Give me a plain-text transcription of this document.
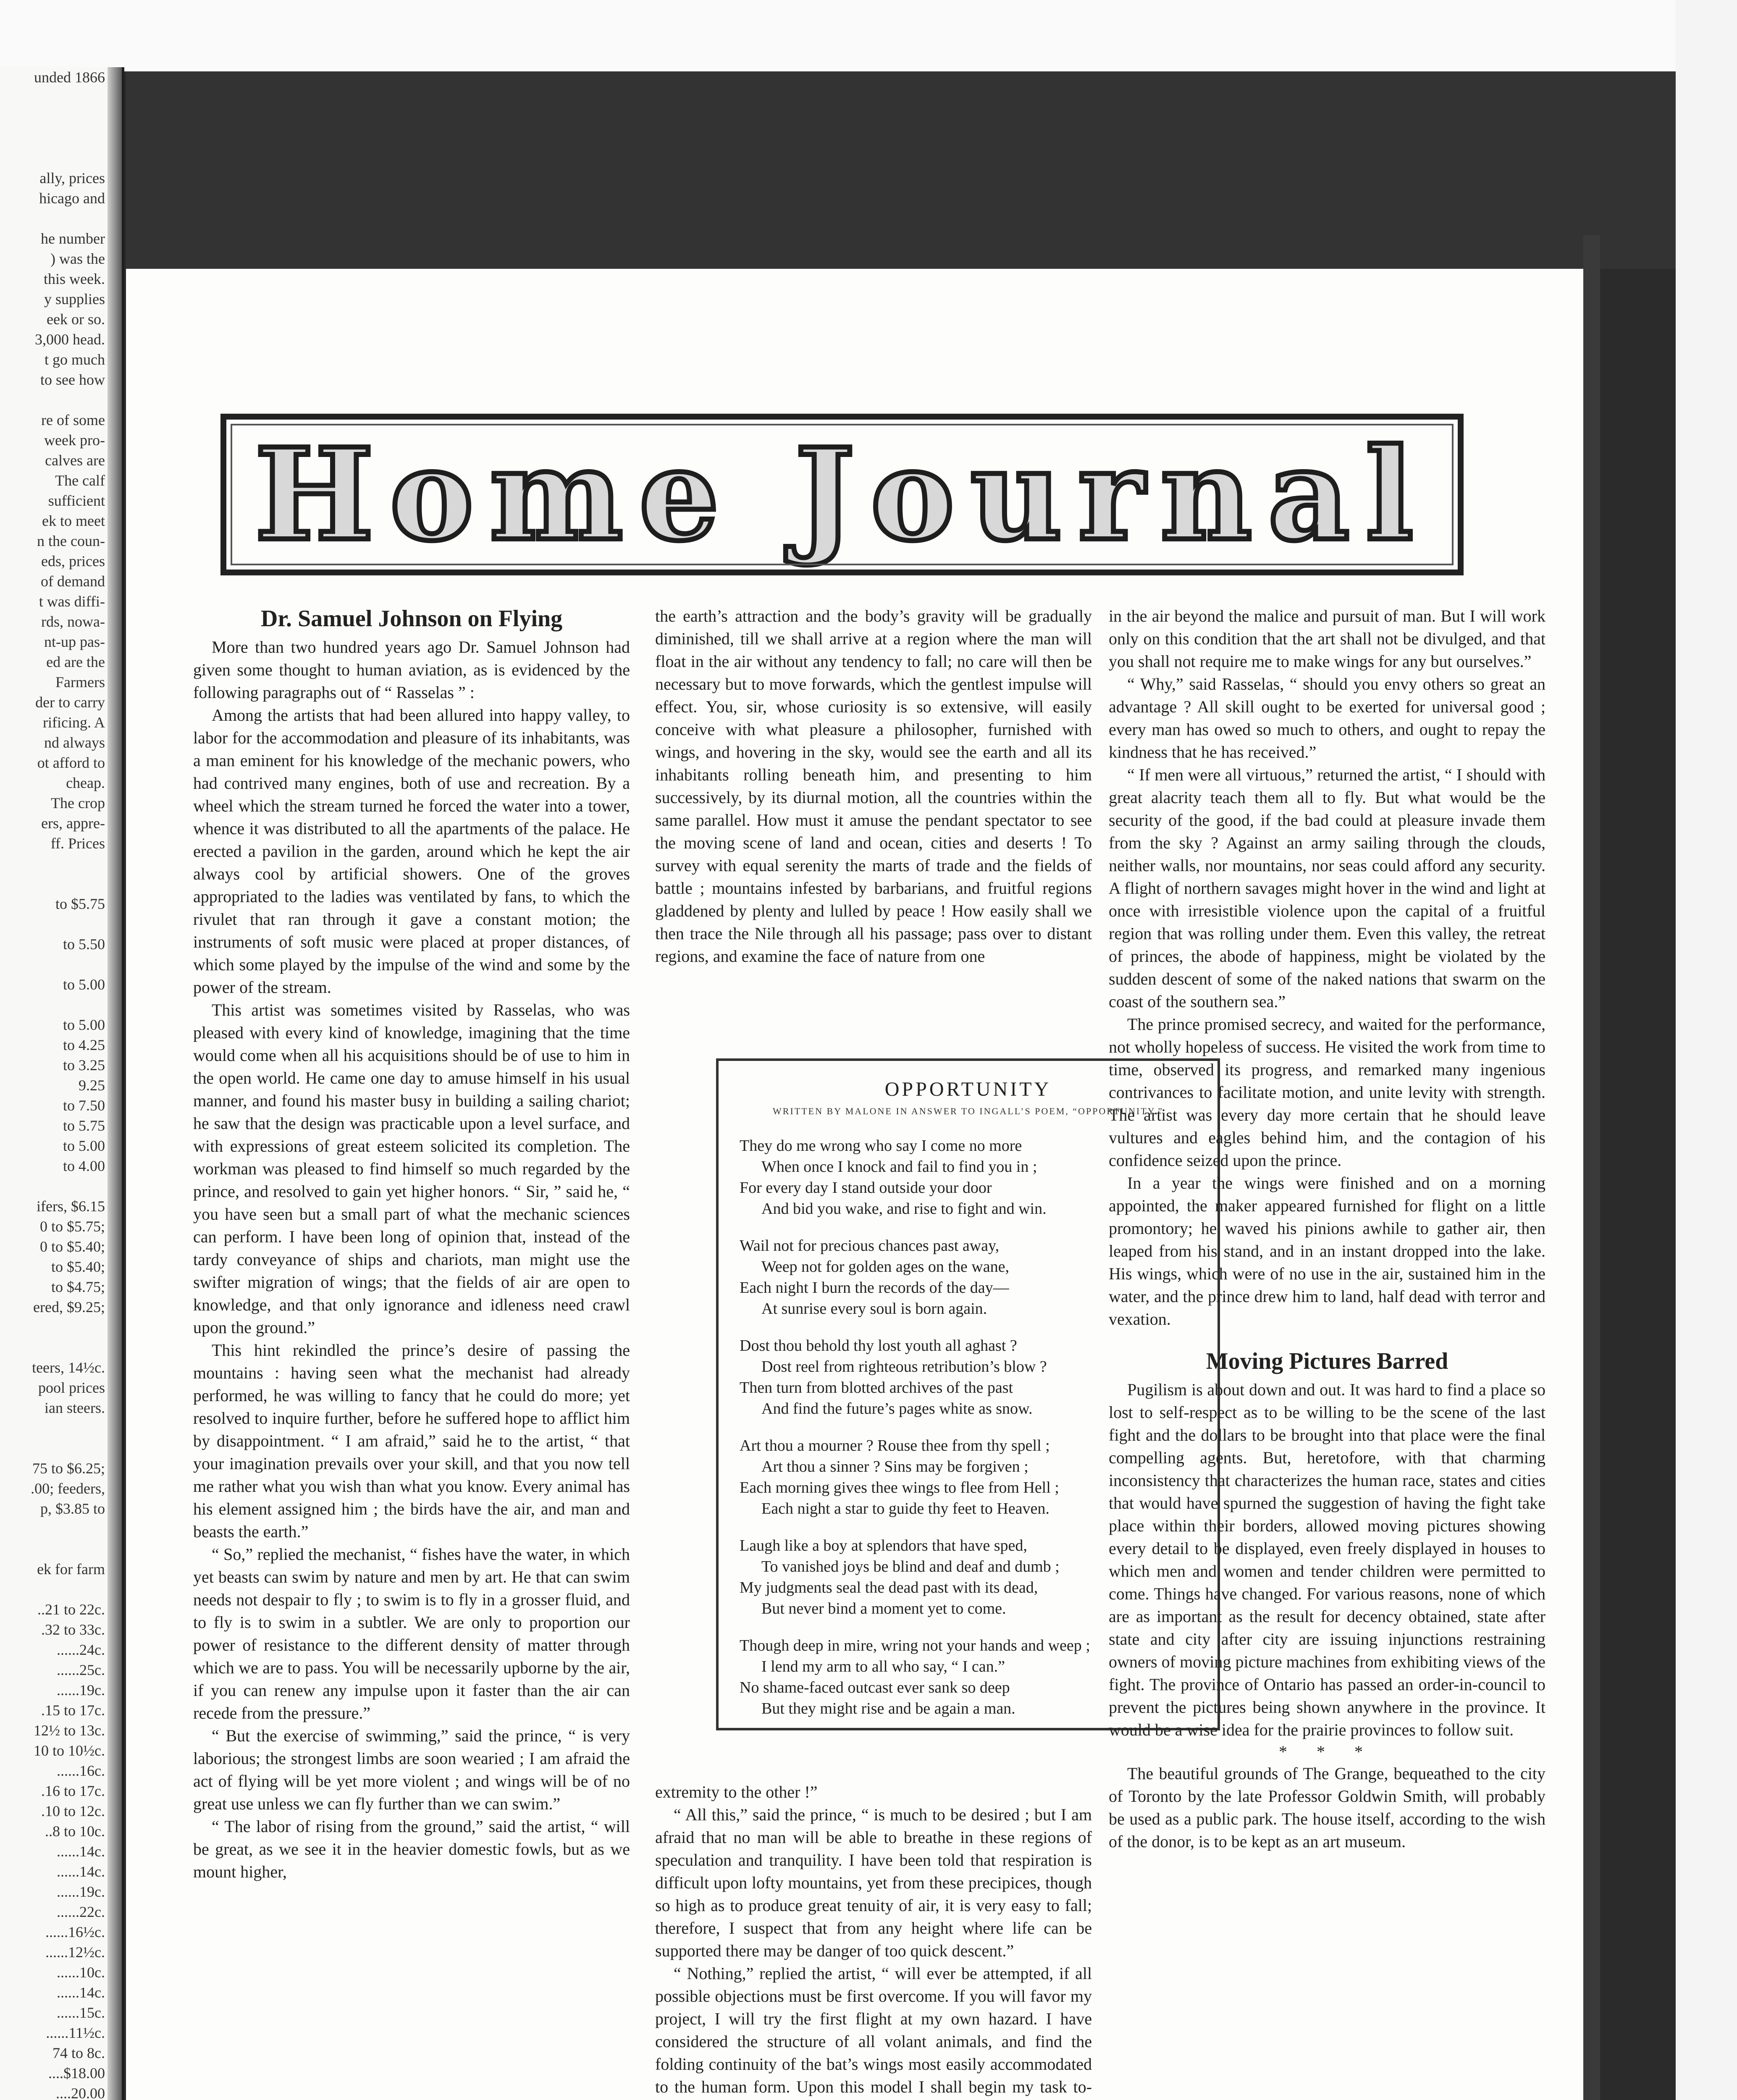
unded 1866

ally, prices
hicago and

he number
) was the
this week.
y supplies
eek or so.
3,000 head.
t go much
to see how

re of some
week pro-
calves are
The calf
sufficient
ek to meet
n the coun-
eds, prices
of demand
t was diffi-
rds, nowa-
nt-up pas-
ed are the
Farmers
der to carry
rificing. A
nd always
ot afford to
cheap.
The crop
ers, appre-
ff. Prices

to $5.75

to 5.50

to 5.00

to 5.00
to 4.25
to 3.25
9.25
to 7.50
to 5.75
to 5.00
to 4.00

ifers, $6.15
0 to $5.75;
0 to $5.40;
to $5.40;
to $4.75;
ered, $9.25;

teers, 14½c.
pool prices
ian steers.

75 to $6.25;
.00; feeders,
p, $3.85 to

ek for farm

..21 to 22c.
.32 to 33c.
......24c.
......25c.
......19c.
.15 to 17c.
12½ to 13c.
10 to 10½c.
......16c.
.16 to 17c.
.10 to 12c.
..8 to 10c.
......14c.
......14c.
......19c.
......22c.
......16½c.
......12½c.
......10c.
......14c.
......15c.
......11½c.
74 to 8c.
....$18.00
....20.00
Home Journal
Dr. Samuel Johnson on Flying

More than two hundred years ago Dr. Samuel Johnson had given some thought to human aviation, as is evidenced by the following paragraphs out of “ Rasselas ” :

Among the artists that had been allured into happy valley, to labor for the accommodation and pleasure of its inhabitants, was a man eminent for his knowledge of the mechanic powers, who had contrived many engines, both of use and recreation. By a wheel which the stream turned he forced the water into a tower, whence it was distributed to all the apartments of the palace. He erected a pavilion in the garden, around which he kept the air always cool by artificial showers. One of the groves appropriated to the ladies was ventilated by fans, to which the rivulet that ran through it gave a constant motion; the instruments of soft music were placed at proper distances, of which some played by the impulse of the wind and some by the power of the stream.

This artist was sometimes visited by Rasselas, who was pleased with every kind of knowledge, imagining that the time would come when all his acquisitions should be of use to him in the open world. He came one day to amuse himself in his usual manner, and found his master busy in building a sailing chariot; he saw that the design was practicable upon a level surface, and with expressions of great esteem solicited its completion. The workman was pleased to find himself so much regarded by the prince, and resolved to gain yet higher honors. “ Sir, ” said he, “ you have seen but a small part of what the mechanic sciences can perform. I have been long of opinion that, instead of the tardy conveyance of ships and chariots, man might use the swifter migration of wings; that the fields of air are open to knowledge, and that only ignorance and idleness need crawl upon the ground.”

This hint rekindled the prince’s desire of passing the mountains : having seen what the mechanist had already performed, he was willing to fancy that he could do more; yet resolved to inquire further, before he suffered hope to afflict him by disappointment. “ I am afraid,” said he to the artist, “ that your imagination prevails over your skill, and that you now tell me rather what you wish than what you know. Every animal has his element assigned him ; the birds have the air, and man and beasts the earth.”

“ So,” replied the mechanist, “ fishes have the water, in which yet beasts can swim by nature and men by art. He that can swim needs not despair to fly ; to swim is to fly in a grosser fluid, and to fly is to swim in a subtler. We are only to proportion our power of resistance to the different density of matter through which we are to pass. You will be necessarily upborne by the air, if you can renew any impulse upon it faster than the air can recede from the pressure.”

“ But the exercise of swimming,” said the prince, “ is very laborious; the strongest limbs are soon wearied ; I am afraid the act of flying will be yet more violent ; and wings will be of no great use unless we can fly further than we can swim.”

“ The labor of rising from the ground,” said the artist, “ will be great, as we see it in the heavier domestic fowls, but as we mount higher,

the earth’s attraction and the body’s gravity will be gradually diminished, till we shall arrive at a region where the man will float in the air without any tendency to fall; no care will then be necessary but to move forwards, which the gentlest impulse will effect. You, sir, whose curiosity is so extensive, will easily conceive with what pleasure a philosopher, furnished with wings, and hovering in the sky, would see the earth and all its inhabitants rolling beneath him, and presenting to him successively, by its diurnal motion, all the countries within the same parallel. How must it amuse the pendant spectator to see the moving scene of land and ocean, cities and deserts ! To survey with equal serenity the marts of trade and the fields of battle ; mountains infested by barbarians, and fruitful regions gladdened by plenty and lulled by peace ! How easily shall we then trace the Nile through all his passage; pass over to distant regions, and examine the face of nature from one

OPPORTUNITY
WRITTEN BY MALONE IN ANSWER TO INGALL’S POEM, “OPPORTUNITY.”
They do me wrong who say I come no more
When once I knock and fail to find you in ;
For every day I stand outside your door
And bid you wake, and rise to fight and win.
Wail not for precious chances past away,
Weep not for golden ages on the wane,
Each night I burn the records of the day—
At sunrise every soul is born again.
Dost thou behold thy lost youth all aghast ?
Dost reel from righteous retribution’s blow ?
Then turn from blotted archives of the past
And find the future’s pages white as snow.
Art thou a mourner ? Rouse thee from thy spell ;
Art thou a sinner ? Sins may be forgiven ;
Each morning gives thee wings to flee from Hell ;
Each night a star to guide thy feet to Heaven.
Laugh like a boy at splendors that have sped,
To vanished joys be blind and deaf and dumb ;
My judgments seal the dead past with its dead,
But never bind a moment yet to come.
Though deep in mire, wring not your hands and weep ;
I lend my arm to all who say, “ I can.”
No shame-faced outcast ever sank so deep
But they might rise and be again a man.

extremity to the other !”

“ All this,” said the prince, “ is much to be desired ; but I am afraid that no man will be able to breathe in these regions of speculation and tranquility. I have been told that respiration is difficult upon lofty mountains, yet from these precipices, though so high as to produce great tenuity of air, it is very easy to fall; therefore, I suspect that from any height where life can be supported there may be danger of too quick descent.”

“ Nothing,” replied the artist, “ will ever be attempted, if all possible objections must be first overcome. If you will favor my project, I will try the first flight at my own hazard. I have considered the structure of all volant animals, and find the folding continuity of the bat’s wings most easily accommodated to the human form. Upon this model I shall begin my task to-

in the air beyond the malice and pursuit of man. But I will work only on this condition that the art shall not be divulged, and that you shall not require me to make wings for any but ourselves.”

“ Why,” said Rasselas, “ should you envy others so great an advantage ? All skill ought to be exerted for universal good ; every man has owed so much to others, and ought to repay the kindness that he has received.”

“ If men were all virtuous,” returned the artist, “ I should with great alacrity teach them all to fly. But what would be the security of the good, if the bad could at pleasure invade them from the sky ? Against an army sailing through the clouds, neither walls, nor mountains, nor seas could afford any security. A flight of northern savages might hover in the wind and light at once with irresistible violence upon the capital of a fruitful region that was rolling under them. Even this valley, the retreat of princes, the abode of happiness, might be violated by the sudden descent of some of the naked nations that swarm on the coast of the southern sea.”

The prince promised secrecy, and waited for the performance, not wholly hopeless of success. He visited the work from time to time, observed its progress, and remarked many ingenious contrivances to facilitate motion, and unite levity with strength. The artist was every day more certain that he should leave vultures and eagles behind him, and the contagion of his confidence seized upon the prince.

In a year the wings were finished and on a morning appointed, the maker appeared furnished for flight on a little promontory; he waved his pinions awhile to gather air, then leaped from his stand, and in an instant dropped into the lake. His wings, which were of no use in the air, sustained him in the water, and the prince drew him to land, half dead with terror and vexation.

Moving Pictures Barred

Pugilism is about down and out. It was hard to find a place so lost to self-respect as to be willing to be the scene of the last fight and the dollars to be brought into that place were the final compelling agents. But, heretofore, with that charming inconsistency that characterizes the human race, states and cities that would have spurned the suggestion of having the fight take place within their borders, allowed moving pictures showing every detail to be displayed, even freely displayed in houses to which men and women and tender children were permitted to come. Things have changed. For various reasons, none of which are as important as the result for decency obtained, state after state and city after city are issuing injunctions restraining owners of moving picture machines from exhibiting views of the fight. The province of Ontario has passed an order-in-council to prevent the pictures being shown anywhere in the province. It would be a wise idea for the prairie provinces to follow suit.

* * *

The beautiful grounds of The Grange, bequeathed to the city of Toronto by the late Professor Goldwin Smith, will probably be used as a public park. The house itself, according to the wish of the donor, is to be kept as an art museum.
